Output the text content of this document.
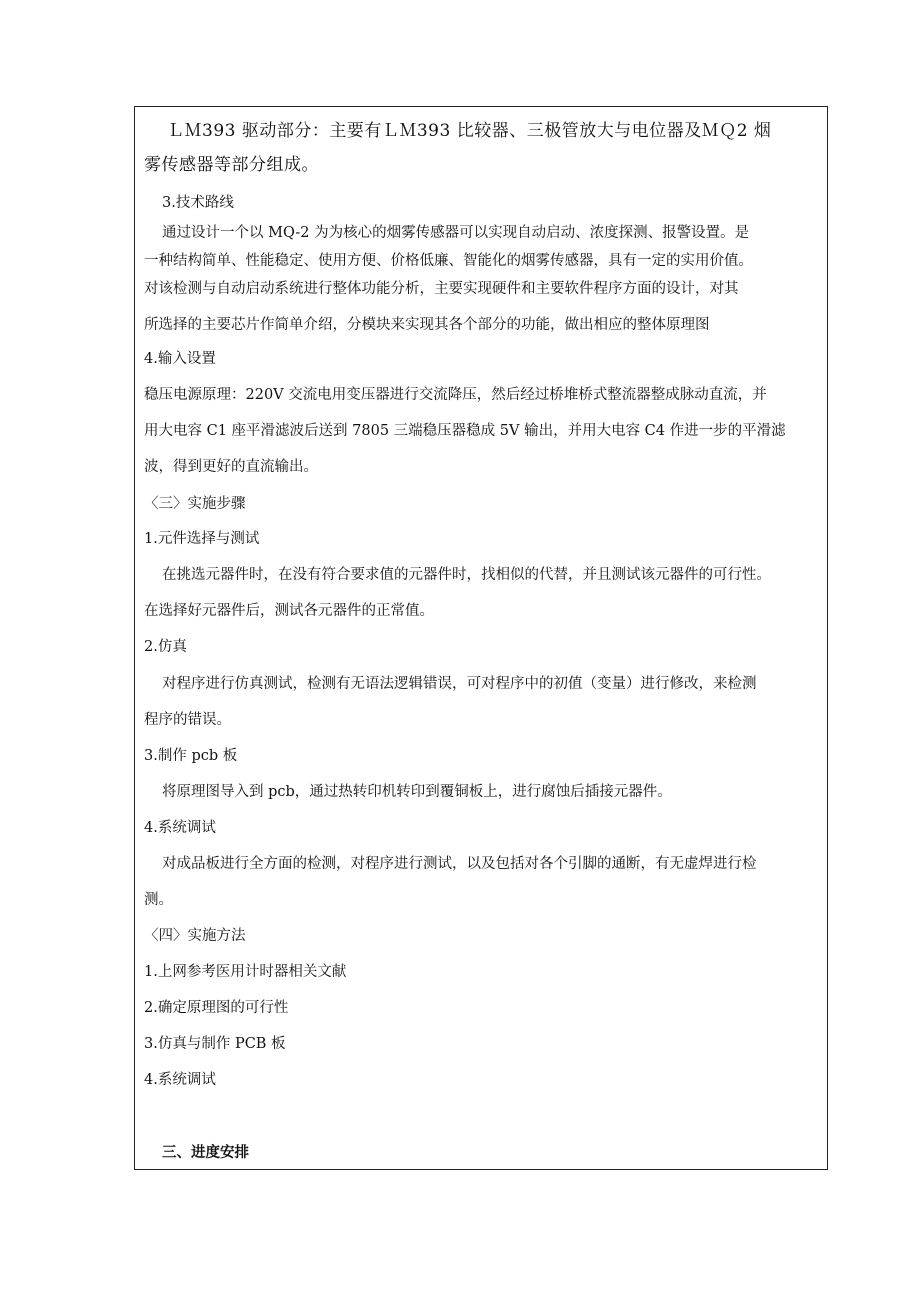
ＬＭ393 驱动部分：主要有ＬＭ393 比较器、三极管放大与电位器及ＭＱ2 烟
雾传感器等部分组成。
3.技术路线
通过设计一个以 MQ-2 为为核心的烟雾传感器可以实现自动启动、浓度探测、报警设置。是
一种结构简单、性能稳定、使用方便、价格低廉、智能化的烟雾传感器，具有一定的实用价值。
对该检测与自动启动系统进行整体功能分析，主要实现硬件和主要软件程序方面的设计，对其
所选择的主要芯片作简单介绍，分模块来实现其各个部分的功能，做出相应的整体原理图
4.输入设置
稳压电源原理：220V 交流电用变压器进行交流降压，然后经过桥堆桥式整流器整成脉动直流，并
用大电容 C1 座平滑滤波后送到 7805 三端稳压器稳成 5V 输出，并用大电容 C4 作进一步的平滑滤
波，得到更好的直流输出。
〈三〉实施步骤
1.元件选择与测试
在挑选元器件时，在没有符合要求值的元器件时，找相似的代替，并且测试该元器件的可行性。
在选择好元器件后，测试各元器件的正常值。
2.仿真
对程序进行仿真测试，检测有无语法逻辑错误，可对程序中的初值（变量）进行修改，来检测
程序的错误。
3.制作 pcb 板
将原理图导入到 pcb，通过热转印机转印到覆铜板上，进行腐蚀后插接元器件。
4.系统调试
对成品板进行全方面的检测，对程序进行测试，以及包括对各个引脚的通断，有无虚焊进行检
测。
〈四〉实施方法
1.上网参考医用计时器相关文献
2.确定原理图的可行性
3.仿真与制作 PCB 板
4.系统调试
三、进度安排
